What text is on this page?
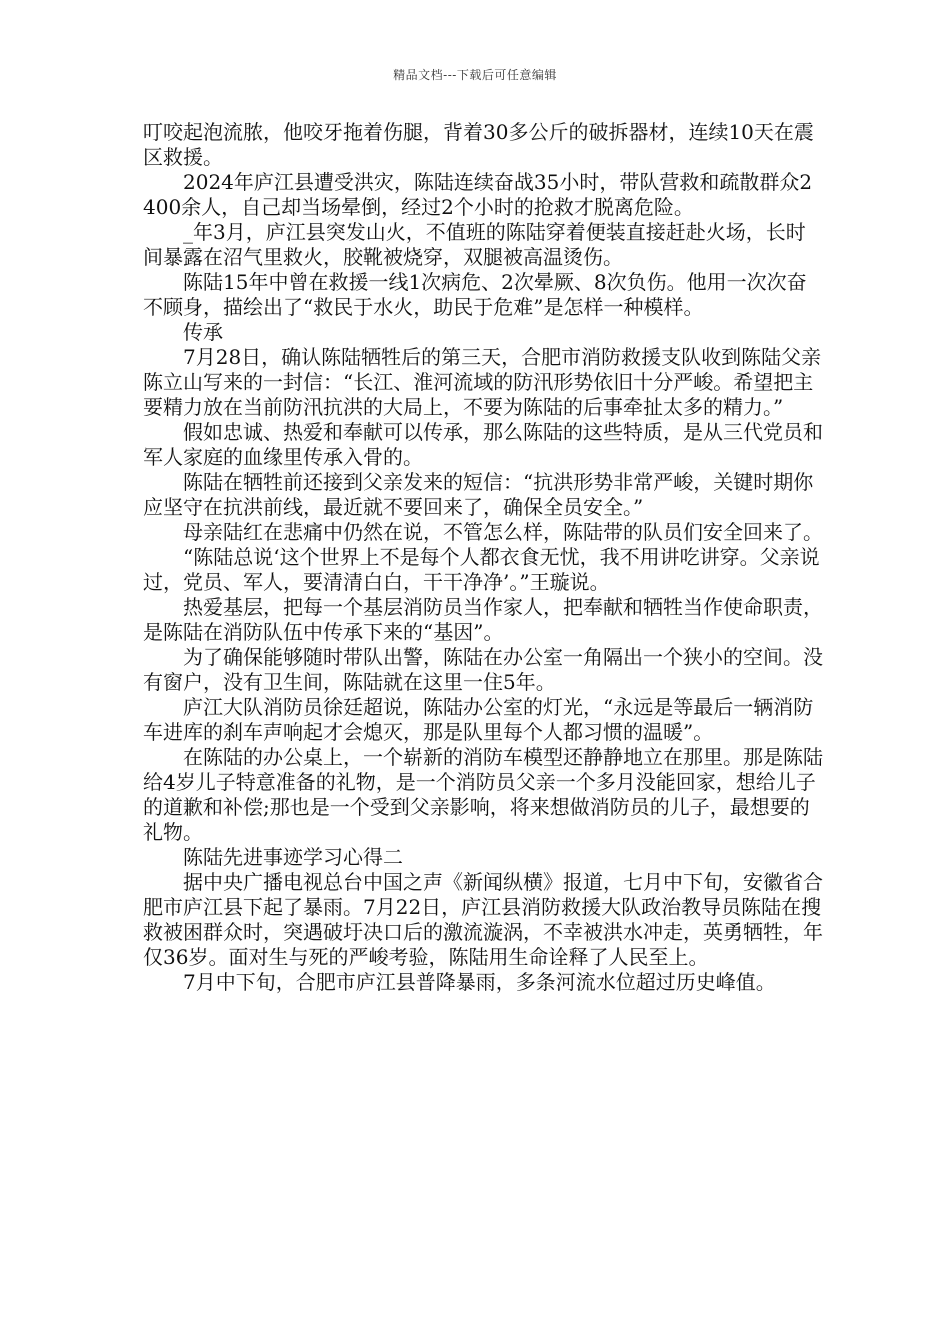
精品文档---下载后可任意编辑

叮咬起泡流脓，他咬牙拖着伤腿，背着30多公斤的破拆器材，连续10天在震区救援。

2024年庐江县遭受洪灾，陈陆连续奋战35小时，带队营救和疏散群众2400余人，自己却当场晕倒，经过2个小时的抢救才脱离危险。

_年3月，庐江县突发山火，不值班的陈陆穿着便装直接赶赴火场，长时间暴露在沼气里救火，胶靴被烧穿，双腿被高温烫伤。

陈陆15年中曾在救援一线1次病危、2次晕厥、8次负伤。他用一次次奋不顾身，描绘出了“救民于水火，助民于危难”是怎样一种模样。

传承

7月28日，确认陈陆牺牲后的第三天，合肥市消防救援支队收到陈陆父亲陈立山写来的一封信：“长江、淮河流域的防汛形势依旧十分严峻。希望把主要精力放在当前防汛抗洪的大局上，不要为陈陆的后事牵扯太多的精力。”

假如忠诚、热爱和奉献可以传承，那么陈陆的这些特质，是从三代党员和军人家庭的血缘里传承入骨的。

陈陆在牺牲前还接到父亲发来的短信：“抗洪形势非常严峻，关键时期你应坚守在抗洪前线，最近就不要回来了，确保全员安全。”

母亲陆红在悲痛中仍然在说，不管怎么样，陈陆带的队员们安全回来了。

“陈陆总说‘这个世界上不是每个人都衣食无忧，我不用讲吃讲穿。父亲说过，党员、军人，要清清白白，干干净净’。”王璇说。

热爱基层，把每一个基层消防员当作家人，把奉献和牺牲当作使命职责，是陈陆在消防队伍中传承下来的“基因”。

为了确保能够随时带队出警，陈陆在办公室一角隔出一个狭小的空间。没有窗户，没有卫生间，陈陆就在这里一住5年。

庐江大队消防员徐廷超说，陈陆办公室的灯光，“永远是等最后一辆消防车进库的刹车声响起才会熄灭，那是队里每个人都习惯的温暖”。

在陈陆的办公桌上，一个崭新的消防车模型还静静地立在那里。那是陈陆给4岁儿子特意准备的礼物，是一个消防员父亲一个多月没能回家，想给儿子的道歉和补偿;那也是一个受到父亲影响，将来想做消防员的儿子，最想要的礼物。

陈陆先进事迹学习心得二

据中央广播电视总台中国之声《新闻纵横》报道，七月中下旬，安徽省合肥市庐江县下起了暴雨。7月22日，庐江县消防救援大队政治教导员陈陆在搜救被困群众时，突遇破圩决口后的激流漩涡，不幸被洪水冲走，英勇牺牲，年仅36岁。面对生与死的严峻考验，陈陆用生命诠释了人民至上。

7月中下旬，合肥市庐江县普降暴雨，多条河流水位超过历史峰值。
